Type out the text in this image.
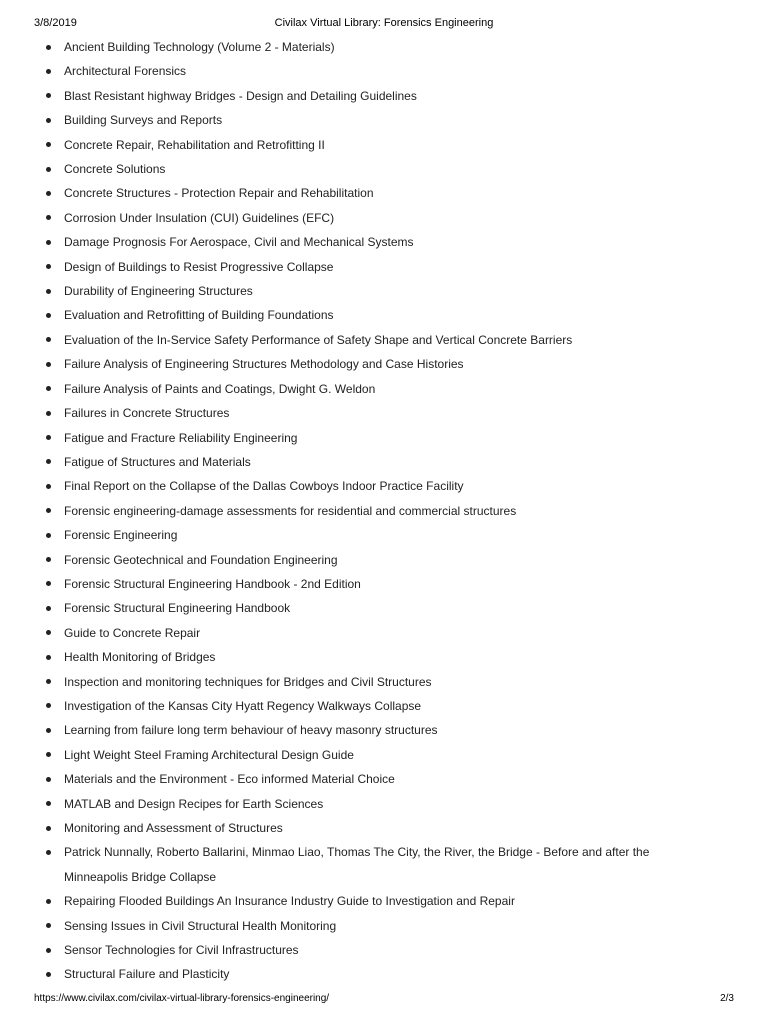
3/8/2019	Civilax Virtual Library: Forensics Engineering
Ancient Building Technology (Volume 2 - Materials)
Architectural Forensics
Blast Resistant highway Bridges - Design and Detailing Guidelines
Building Surveys and Reports
Concrete Repair, Rehabilitation and Retrofitting II
Concrete Solutions
Concrete Structures - Protection Repair and Rehabilitation
Corrosion Under Insulation (CUI) Guidelines (EFC)
Damage Prognosis For Aerospace, Civil and Mechanical Systems
Design of Buildings to Resist Progressive Collapse
Durability of Engineering Structures
Evaluation and Retrofitting of Building Foundations
Evaluation of the In-Service Safety Performance of Safety Shape and Vertical Concrete Barriers
Failure Analysis of Engineering Structures Methodology and Case Histories
Failure Analysis of Paints and Coatings, Dwight G. Weldon
Failures in Concrete Structures
Fatigue and Fracture Reliability Engineering
Fatigue of Structures and Materials
Final Report on the Collapse of the Dallas Cowboys Indoor Practice Facility
Forensic engineering-damage assessments for residential and commercial structures
Forensic Engineering
Forensic Geotechnical and Foundation Engineering
Forensic Structural Engineering Handbook - 2nd Edition
Forensic Structural Engineering Handbook
Guide to Concrete Repair
Health Monitoring of Bridges
Inspection and monitoring techniques for Bridges and Civil Structures
Investigation of the Kansas City Hyatt Regency Walkways Collapse
Learning from failure long term behaviour of heavy masonry structures
Light Weight Steel Framing Architectural Design Guide
Materials and the Environment - Eco informed Material Choice
MATLAB and Design Recipes for Earth Sciences
Monitoring and Assessment of Structures
Patrick Nunnally, Roberto Ballarini, Minmao Liao, Thomas The City, the River, the Bridge - Before and after the Minneapolis Bridge Collapse
Repairing Flooded Buildings An Insurance Industry Guide to Investigation and Repair
Sensing Issues in Civil Structural Health Monitoring
Sensor Technologies for Civil Infrastructures
Structural Failure and Plasticity
https://www.civilax.com/civilax-virtual-library-forensics-engineering/	2/3
